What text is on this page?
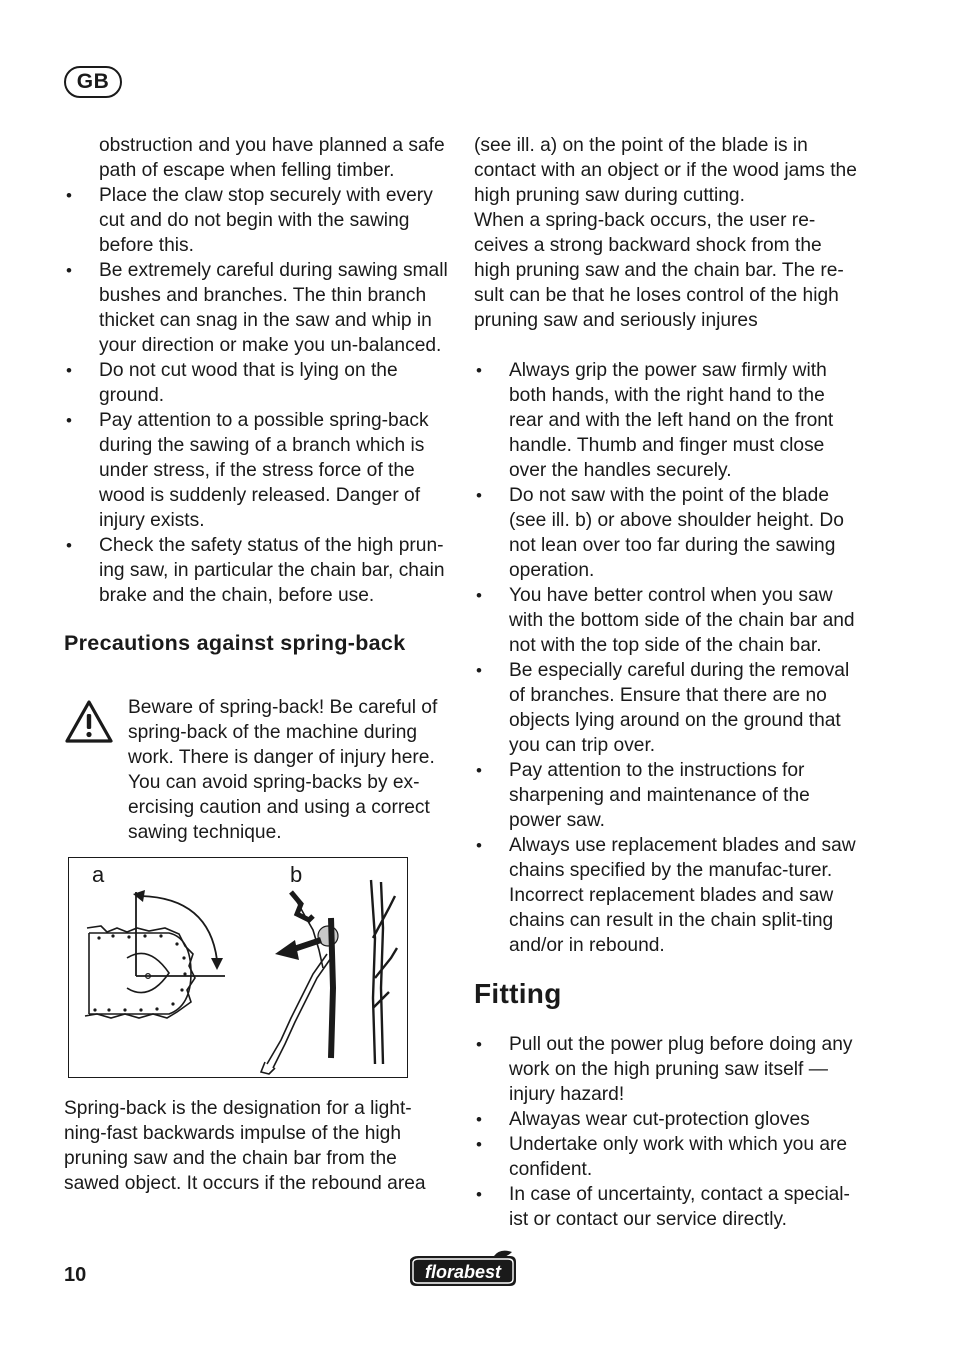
GB

obstruction and you have planned a safe path of escape when felling timber.

• Place the claw stop securely with every cut and do not begin with the sawing before this.
• Be extremely careful during sawing small bushes and branches. The thin branch thicket can snag in the saw and whip in your direction or make you un-balanced.
• Do not cut wood that is lying on the ground.
• Pay attention to a possible spring-back during the sawing of a branch which is under stress, if the stress force of the wood is suddenly released. Danger of injury exists.
• Check the safety status of the high prun-ing saw, in particular the chain bar, chain brake and the chain, before use.
Precautions against spring-back

Beware of spring-back! Be careful of spring-back of the machine during work. There is danger of injury here. You can avoid spring-backs by ex-ercising caution and using a correct sawing technique.

a	b

Spring-back is the designation for a light-ning-fast backwards impulse of the high pruning saw and the chain bar from the sawed object. It occurs if the rebound area

(see ill. a) on the point of the blade is in contact with an object or if the wood jams the high pruning saw during cutting.

When a spring-back occurs, the user re-ceives a strong backward shock from the high pruning saw and the chain bar. The re-sult can be that he loses control of the high pruning saw and seriously injures

• Always grip the power saw firmly with both hands, with the right hand to the rear and with the left hand on the front handle. Thumb and finger must close over the handles securely.
• Do not saw with the point of the blade (see ill. b) or above shoulder height. Do not lean over too far during the sawing operation.
• You have better control when you saw with the bottom side of the chain bar and not with the top side of the chain bar.
• Be especially careful during the removal of branches. Ensure that there are no objects lying around on the ground that you can trip over.
• Pay attention to the instructions for sharpening and maintenance of the power saw.
• Always use replacement blades and saw chains specified by the manufac-turer. Incorrect replacement blades and saw chains can result in the chain split-ting and/or in rebound.
Fitting
• Pull out the power plug before doing any work on the high pruning saw itself — injury hazard!
• Alwayas wear cut-protection gloves
• Undertake only work with which you are confident.
• In case of uncertainty, contact a special-ist or contact our service directly.
10	florabest
